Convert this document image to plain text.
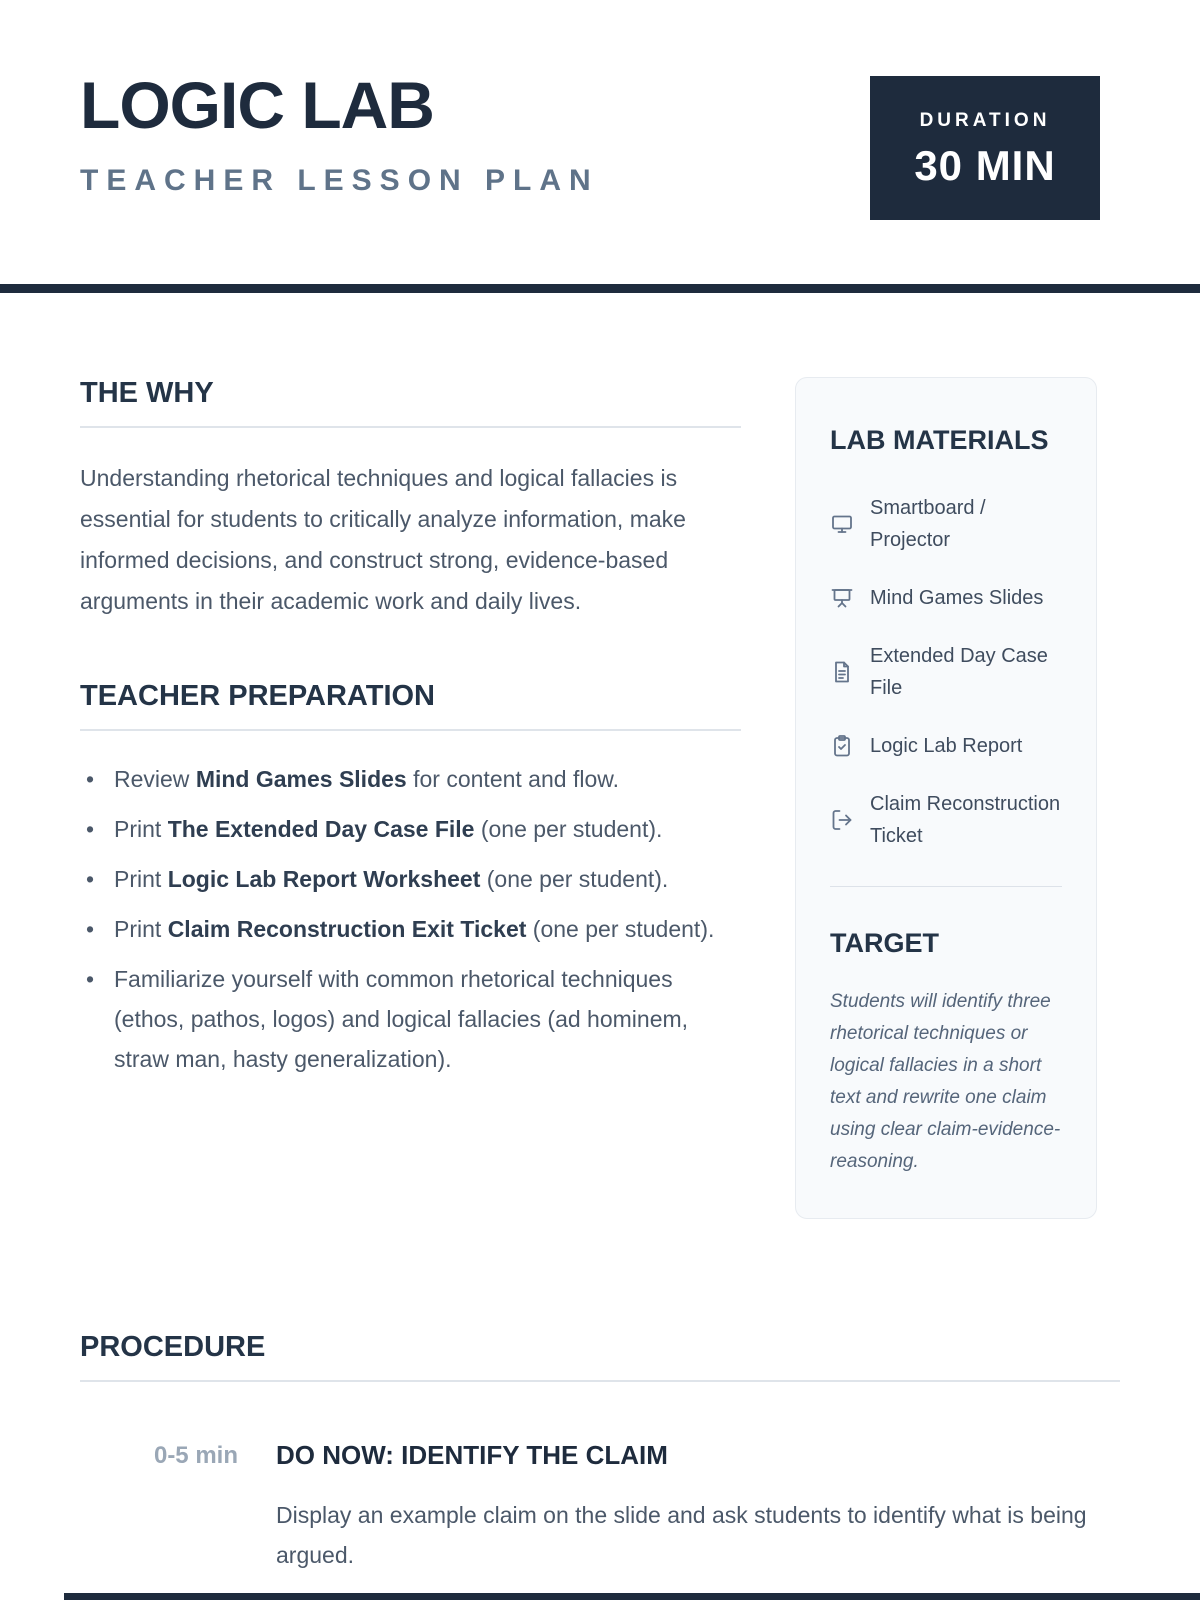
LOGIC LAB
TEACHER LESSON PLAN
DURATION
30 MIN
THE WHY

Understanding rhetorical techniques and logical fallacies is essential for students to critically analyze information, make informed decisions, and construct strong, evidence-based arguments in their academic work and daily lives.

TEACHER PREPARATION
• Review Mind Games Slides for content and flow.
• Print The Extended Day Case File (one per student).
• Print Logic Lab Report Worksheet (one per student).
• Print Claim Reconstruction Exit Ticket (one per student).
• Familiarize yourself with common rhetorical techniques (ethos, pathos, logos) and logical fallacies (ad hominem, straw man, hasty generalization).
LAB MATERIALS
Smartboard / Projector
Mind Games Slides
Extended Day Case File
Logic Lab Report
Claim Reconstruction Ticket
TARGET

Students will identify three rhetorical techniques or logical fallacies in a short text and rewrite one claim using clear claim-evidence-reasoning.

PROCEDURE
0-5 min DO NOW: IDENTIFY THE CLAIM

Display an example claim on the slide and ask students to identify what is being argued.
